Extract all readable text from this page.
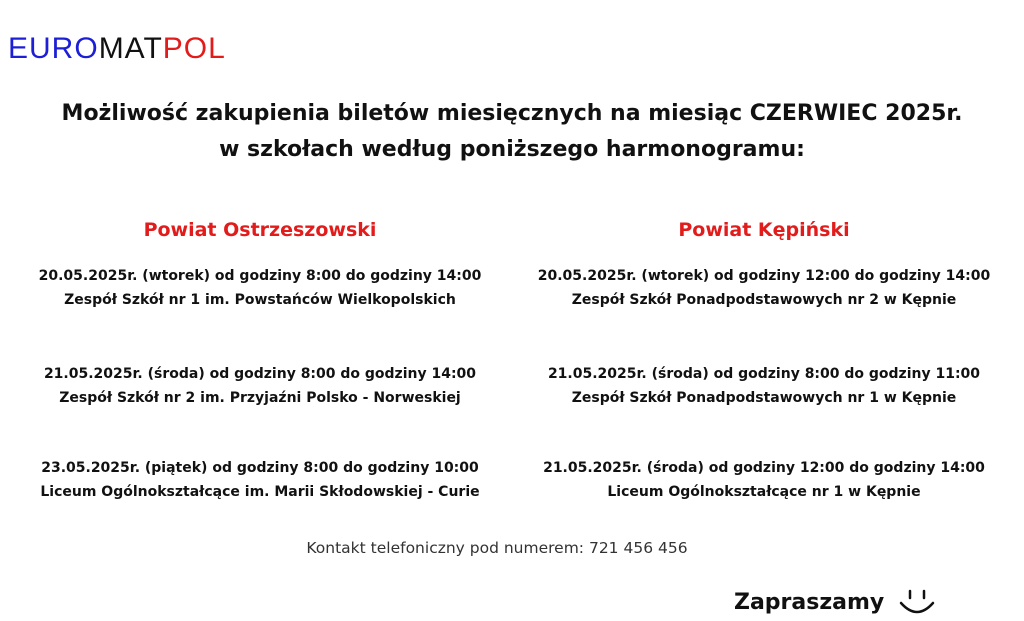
EURO MAT POL
Możliwość zakupienia biletów miesięcznych na miesiąc CZERWIEC 2025r.
w szkołach według poniższego harmonogramu:
Powiat Ostrzeszowski
20.05.2025r. (wtorek) od godziny 8:00 do godziny 14:00
Zespół Szkół nr 1 im. Powstańców Wielkopolskich
21.05.2025r. (środa) od godziny 8:00 do godziny 14:00
Zespół Szkół nr 2 im. Przyjaźni Polsko - Norweskiej
23.05.2025r. (piątek) od godziny 8:00 do godziny 10:00
Liceum Ogólnokształcące im. Marii Skłodowskiej - Curie
Powiat Kępiński
20.05.2025r. (wtorek) od godziny 12:00 do godziny 14:00
Zespół Szkół Ponadpodstawowych nr 2 w Kępnie
21.05.2025r. (środa) od godziny 8:00 do godziny 11:00
Zespół Szkół Ponadpodstawowych nr 1 w Kępnie
21.05.2025r. (środa) od godziny 12:00 do godziny 14:00
Liceum Ogólnokształcące nr 1 w Kępnie
Kontakt telefoniczny pod numerem: 721 456 456
Zapraszamy
